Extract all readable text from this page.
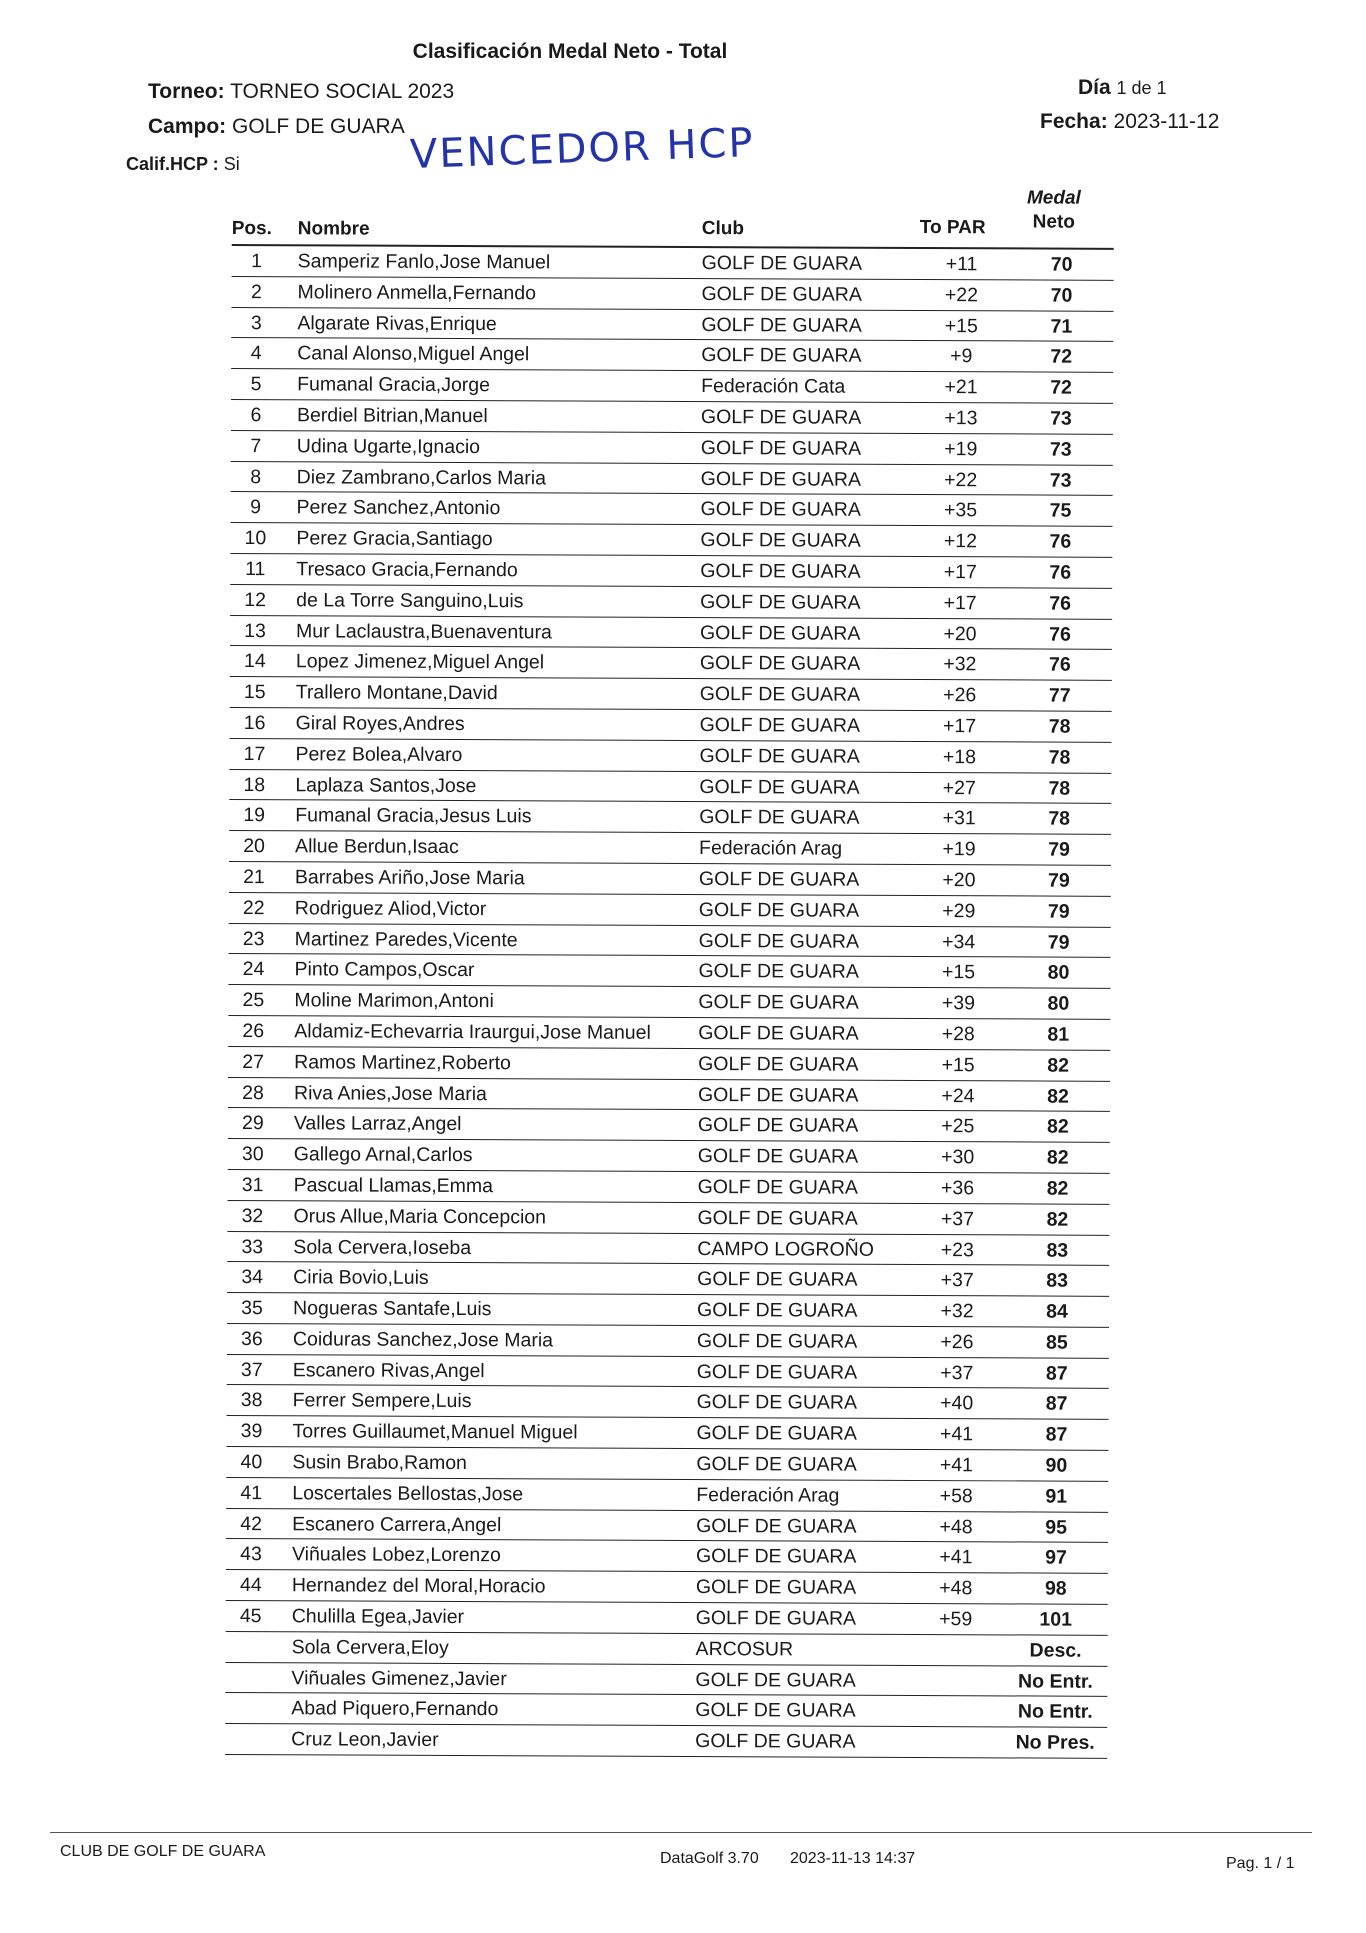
Clasificación Medal Neto - Total
Torneo: TORNEO SOCIAL 2023
Campo: GOLF DE GUARA
Calif.HCP : Si
Día 1 de 1
Fecha: 2023-11-12
VENCEDOR HCP
Pos. Nombre	Club	To PAR
Medal
Neto
1	Samperiz Fanlo,Jose Manuel	GOLF DE GUARA	+11	70
2	Molinero Anmella,Fernando	GOLF DE GUARA	+22	70
3	Algarate Rivas,Enrique	GOLF DE GUARA	+15	71
4	Canal Alonso,Miguel Angel	GOLF DE GUARA	+9	72
5	Fumanal Gracia,Jorge	Federación Cata	+21	72
6	Berdiel Bitrian,Manuel	GOLF DE GUARA	+13	73
7	Udina Ugarte,Ignacio	GOLF DE GUARA	+19	73
8	Diez Zambrano,Carlos Maria	GOLF DE GUARA	+22	73
9	Perez Sanchez,Antonio	GOLF DE GUARA	+35	75
10	Perez Gracia,Santiago	GOLF DE GUARA	+12	76
11	Tresaco Gracia,Fernando	GOLF DE GUARA	+17	76
12	de La Torre Sanguino,Luis	GOLF DE GUARA	+17	76
13	Mur Laclaustra,Buenaventura	GOLF DE GUARA	+20	76
14	Lopez Jimenez,Miguel Angel	GOLF DE GUARA	+32	76
15	Trallero Montane,David	GOLF DE GUARA	+26	77
16	Giral Royes,Andres	GOLF DE GUARA	+17	78
17	Perez Bolea,Alvaro	GOLF DE GUARA	+18	78
18	Laplaza Santos,Jose	GOLF DE GUARA	+27	78
19	Fumanal Gracia,Jesus Luis	GOLF DE GUARA	+31	78
20	Allue Berdun,Isaac	Federación Arag	+19	79
21	Barrabes Ariño,Jose Maria	GOLF DE GUARA	+20	79
22	Rodriguez Aliod,Victor	GOLF DE GUARA	+29	79
23	Martinez Paredes,Vicente	GOLF DE GUARA	+34	79
24	Pinto Campos,Oscar	GOLF DE GUARA	+15	80
25	Moline Marimon,Antoni	GOLF DE GUARA	+39	80
26	Aldamiz-Echevarria Iraurgui,Jose Manuel GOLF DE GUARA	+28	81
27	Ramos Martinez,Roberto	GOLF DE GUARA	+15	82
28	Riva Anies,Jose Maria	GOLF DE GUARA	+24	82
29	Valles Larraz,Angel	GOLF DE GUARA	+25	82
30	Gallego Arnal,Carlos	GOLF DE GUARA	+30	82
31	Pascual Llamas,Emma	GOLF DE GUARA	+36	82
32	Orus Allue,Maria Concepcion	GOLF DE GUARA	+37	82
33	Sola Cervera,Ioseba	CAMPO LOGROÑO	+23	83
34	Ciria Bovio,Luis	GOLF DE GUARA	+37	83
35	Nogueras Santafe,Luis	GOLF DE GUARA	+32	84
36	Coiduras Sanchez,Jose Maria	GOLF DE GUARA	+26	85
37	Escanero Rivas,Angel	GOLF DE GUARA	+37	87
38	Ferrer Sempere,Luis	GOLF DE GUARA	+40	87
39	Torres Guillaumet,Manuel Miguel	GOLF DE GUARA	+41	87
40	Susin Brabo,Ramon	GOLF DE GUARA	+41	90
41	Loscertales Bellostas,Jose	Federación Arag	+58	91
42	Escanero Carrera,Angel	GOLF DE GUARA	+48	95
43	Viñuales Lobez,Lorenzo	GOLF DE GUARA	+41	97
44	Hernandez del Moral,Horacio	GOLF DE GUARA	+48	98
45	Chulilla Egea,Javier	GOLF DE GUARA	+59	101
Sola Cervera,Eloy	ARCOSUR	Desc.
Viñuales Gimenez,Javier	GOLF DE GUARA	No Entr.
Abad Piquero,Fernando	GOLF DE GUARA	No Entr.
Cruz Leon,Javier	GOLF DE GUARA	No Pres.
CLUB DE GOLF DE GUARA	DataGolf 3.70 2023-11-13 14:37	Pag. 1 / 1
